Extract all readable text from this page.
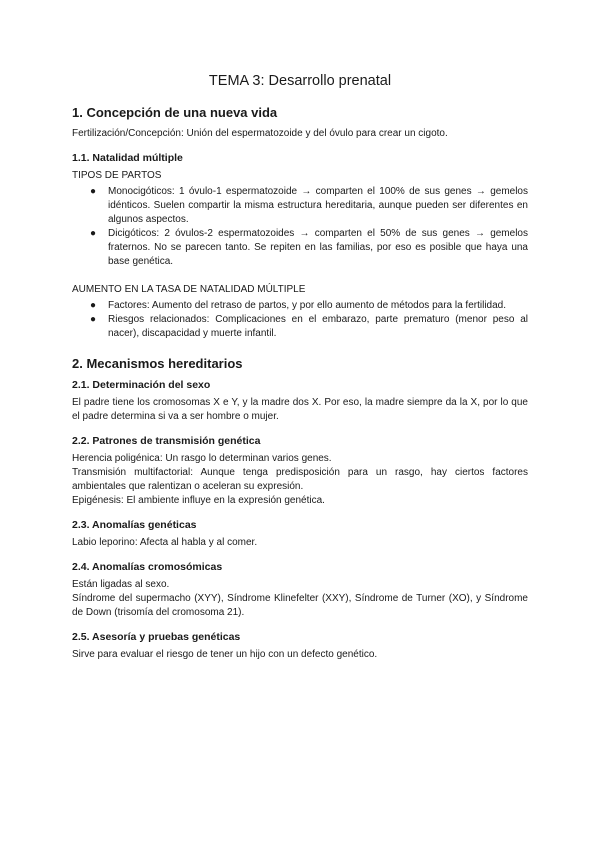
TEMA 3: Desarrollo prenatal
1. Concepción de una nueva vida

Fertilización/Concepción: Unión del espermatozoide y del óvulo para crear un cigoto.

1.1. Natalidad múltiple

TIPOS DE PARTOS

● Monocigóticos: 1 óvulo-1 espermatozoide → comparten el 100% de sus genes → gemelos idénticos. Suelen compartir la misma estructura hereditaria, aunque pueden ser diferentes en algunos aspectos.
● Dicigóticos: 2 óvulos-2 espermatozoides → comparten el 50% de sus genes → gemelos fraternos. No se parecen tanto. Se repiten en las familias, por eso es posible que haya una base genética.

AUMENTO EN LA TASA DE NATALIDAD MÚLTIPLE

● Factores: Aumento del retraso de partos, y por ello aumento de métodos para la fertilidad.
● Riesgos relacionados: Complicaciones en el embarazo, parte prematuro (menor peso al nacer), discapacidad y muerte infantil.
2. Mecanismos hereditarios
2.1. Determinación del sexo

El padre tiene los cromosomas X e Y, y la madre dos X. Por eso, la madre siempre da la X, por lo que el padre determina si va a ser hombre o mujer.

2.2. Patrones de transmisión genética

Herencia poligénica: Un rasgo lo determinan varios genes.

Transmisión multifactorial: Aunque tenga predisposición para un rasgo, hay ciertos factores ambientales que ralentizan o aceleran su expresión.

Epigénesis: El ambiente influye en la expresión genética.

2.3. Anomalías genéticas

Labio leporino: Afecta al habla y al comer.

2.4. Anomalías cromosómicas

Están ligadas al sexo.

Síndrome del supermacho (XYY), Síndrome Klinefelter (XXY), Síndrome de Turner (XO), y Síndrome de Down (trisomía del cromosoma 21).

2.5. Asesoría y pruebas genéticas

Sirve para evaluar el riesgo de tener un hijo con un defecto genético.
